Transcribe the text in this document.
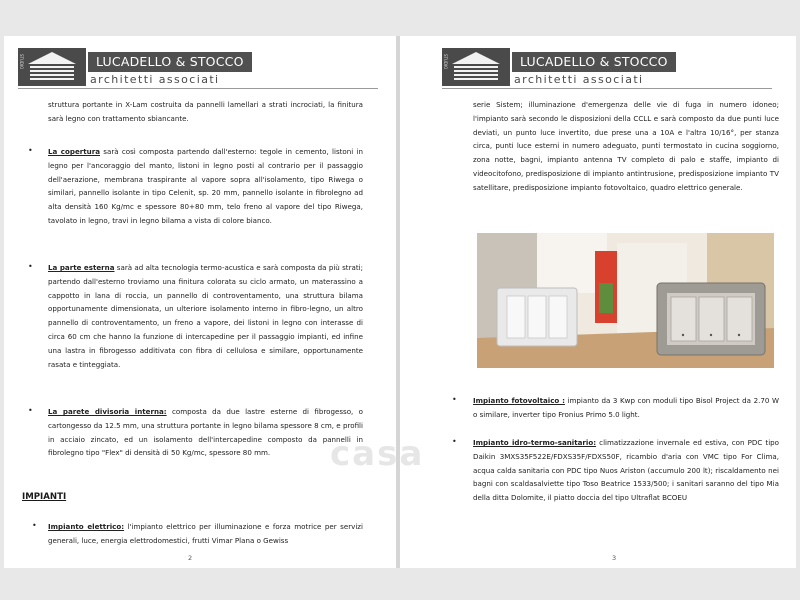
STUDIO	LUCADELLO & STOCCO
architetti associati

struttura portante in X-Lam costruita da pannelli lamellari a strati incrociati, la finitura sarà legno con trattamento sbiancante.

• La copertura sarà così composta partendo dall'esterno: tegole in cemento, listoni in legno per l'ancoraggio del manto, listoni in legno posti al contrario per il passaggio dell'aerazione, membrana traspirante al vapore sopra all'isolamento, tipo Riwega o similari, pannello isolante in tipo Celenit, sp. 20 mm, pannello isolante in fibrolegno ad alta densità 160 Kg/mc e spessore 80+80 mm, telo freno al vapore del tipo Riwega, tavolato in legno, travi in legno bilama a vista di colore bianco.

• La parte esterna sarà ad alta tecnologia termo-acustica e sarà composta da più strati; partendo dall'esterno troviamo una finitura colorata su ciclo armato, un materassino a cappotto in lana di roccia, un pannello di controventamento, una struttura bilama opportunamente dimensionata, un ulteriore isolamento interno in fibro-legno, un altro pannello di controventamento, un freno a vapore, dei listoni in legno con interasse di circa 60 cm che hanno la funzione di intercapedine per il passaggio impianti, ed infine una lastra in fibrogesso additivata con fibra di cellulosa e similare, opportunamente rasata e tinteggiata.

• La parete divisoria interna: composta da due lastre esterne di fibrogesso, o cartongesso da 12.5 mm, una struttura portante in legno bilama spessore 8 cm, e profili in acciaio zincato, ed un isolamento dell'intercapedine composto da pannelli in fibrolegno tipo "Flex" di densità di 50 Kg/mc, spessore 80 mm.

IMPIANTI
• Impianto elettrico: l'impianto elettrico per illuminazione e forza motrice per servizi generali, luce, energia elettrodomestici, frutti Vimar Plana o Gewiss

2
STUDIO	LUCADELLO & STOCCO
architetti associati

serie Sistem; illuminazione d'emergenza delle vie di fuga in numero idoneo; l'impianto sarà secondo le disposizioni della CCLL e sarà composto da due punti luce deviati, un punto luce invertito, due prese una a 10A e l'altra 10/16°, per stanza circa, punti luce esterni in numero adeguato, punti termostato in cucina soggiorno, zona notte, bagni, impianto antenna TV completo di palo e staffe, impianto di videocitofono, predisposizione di impianto antintrusione, predisposizione impianto TV satellitare, predisposizione impianto fotovoltaico, quadro elettrico generale.

• Impianto fotovoltaico : impianto da 3 Kwp con moduli tipo Bisol Project da 2.70 W o similare, inverter tipo Fronius Primo 5.0 light.

• Impianto idro-termo-sanitario: climatizzazione invernale ed estiva, con PDC tipo Daikin 3MXS35F522E/FDXS35F/FDXS50F, ricambio d'aria con VMC tipo For Clima, acqua calda sanitaria con PDC tipo Nuos Ariston (accumulo 200 lt); riscaldamento nei bagni con scaldasalviette tipo Toso Beatrice 1533/500; i sanitari saranno del tipo Mia della ditta Dolomite, il piatto doccia del tipo Ultraflat BCOEU

3
casa
